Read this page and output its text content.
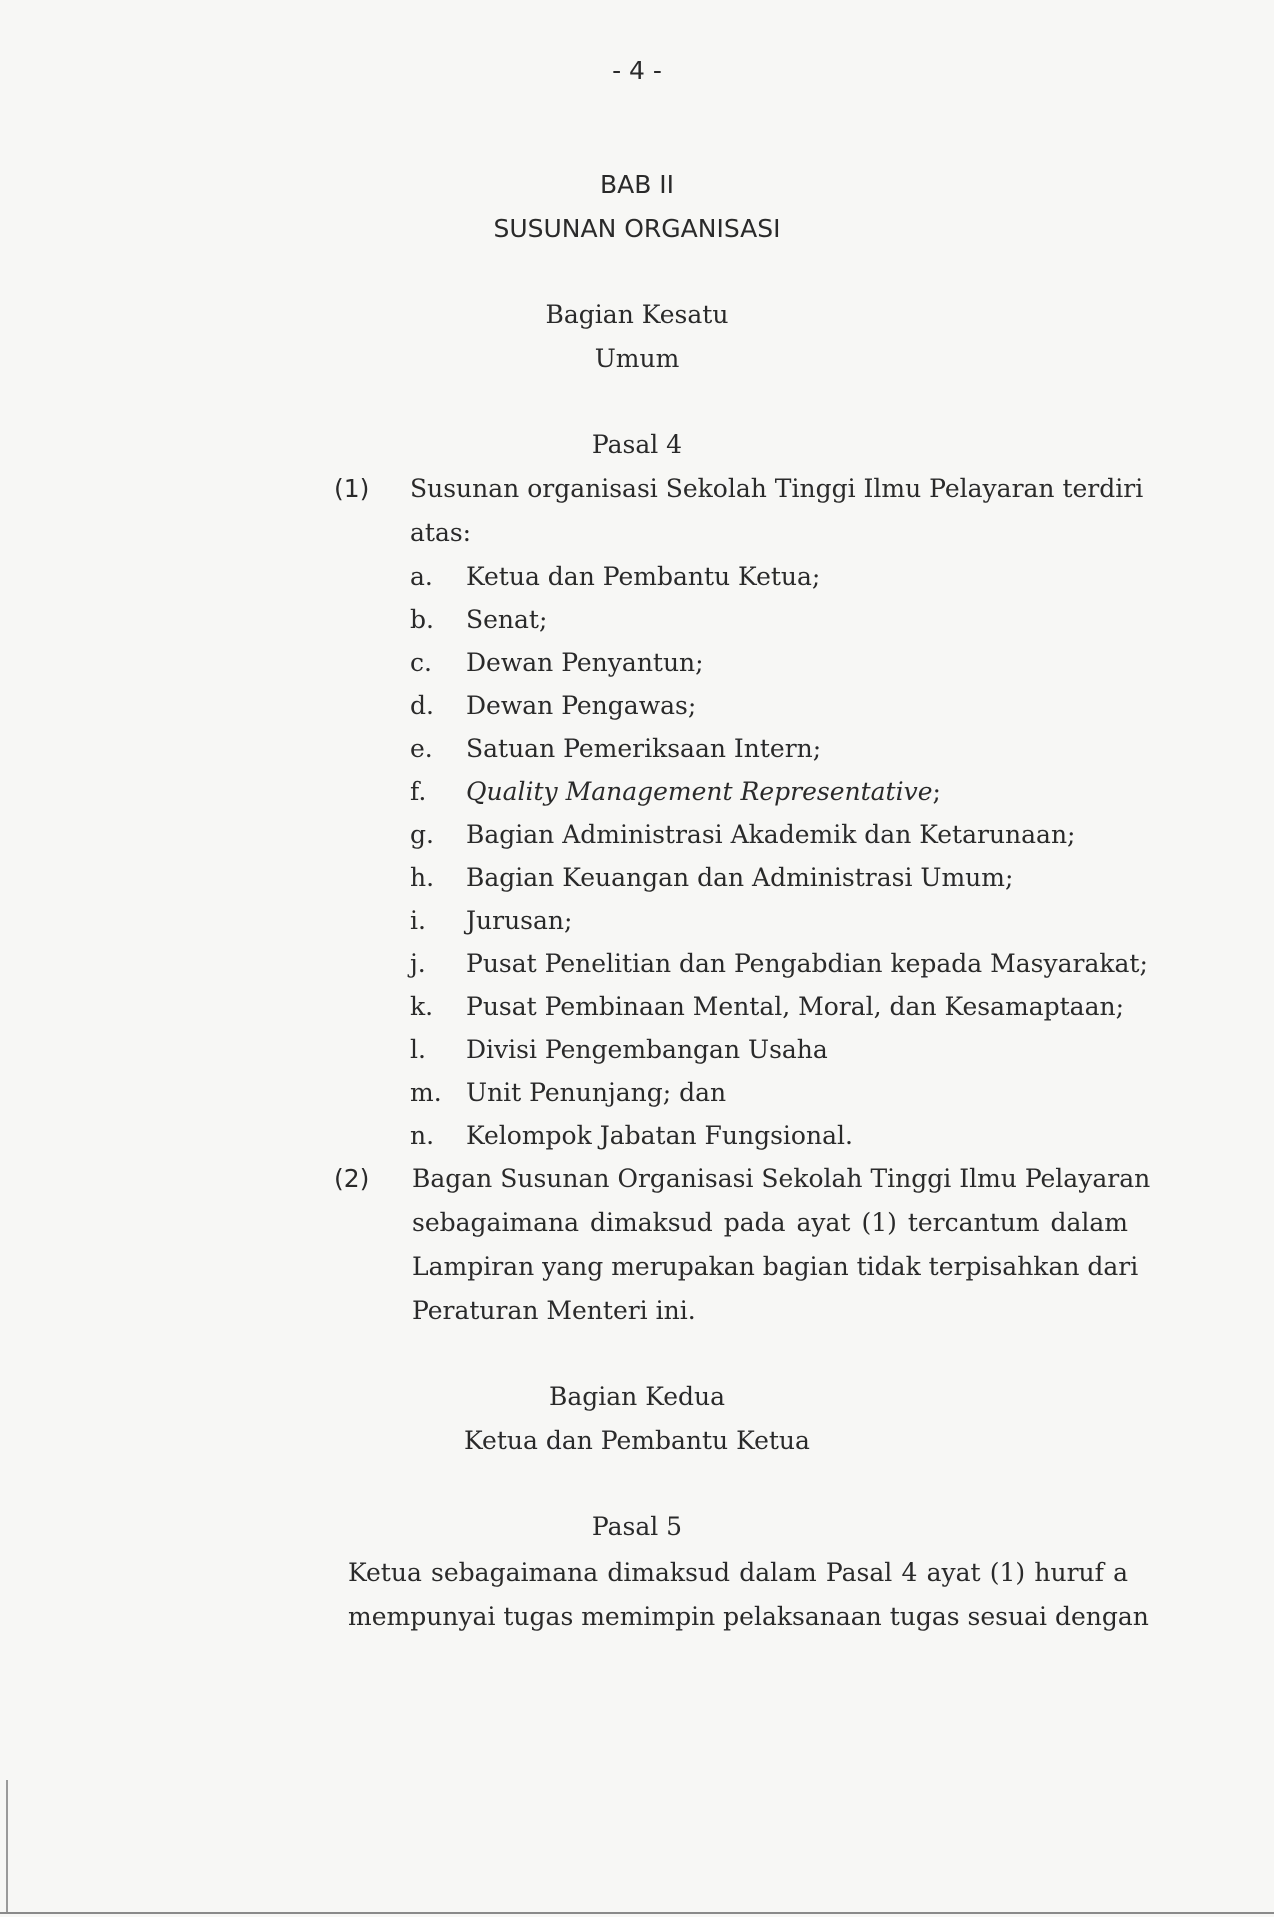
- 4 -
BAB II
SUSUNAN ORGANISASI
Bagian Kesatu
Umum
Pasal 4
(1) Susunan organisasi Sekolah Tinggi Ilmu Pelayaran terdiri
atas:
a. Ketua dan Pembantu Ketua;
b. Senat;
c. Dewan Penyantun;
d. Dewan Pengawas;
e. Satuan Pemeriksaan Intern;
f. Quality Management Representative;
g. Bagian Administrasi Akademik dan Ketarunaan;
h. Bagian Keuangan dan Administrasi Umum;
i. Jurusan;
j. Pusat Penelitian dan Pengabdian kepada Masyarakat;
k. Pusat Pembinaan Mental, Moral, dan Kesamaptaan;
l. Divisi Pengembangan Usaha
m. Unit Penunjang; dan
n. Kelompok Jabatan Fungsional.
(2) Bagan Susunan Organisasi Sekolah Tinggi Ilmu Pelayaran
sebagaimana dimaksud pada ayat (1) tercantum dalam
Lampiran yang merupakan bagian tidak terpisahkan dari
Peraturan Menteri ini.
Bagian Kedua
Ketua dan Pembantu Ketua
Pasal 5
Ketua sebagaimana dimaksud dalam Pasal 4 ayat (1) huruf a
mempunyai tugas memimpin pelaksanaan tugas sesuai dengan
